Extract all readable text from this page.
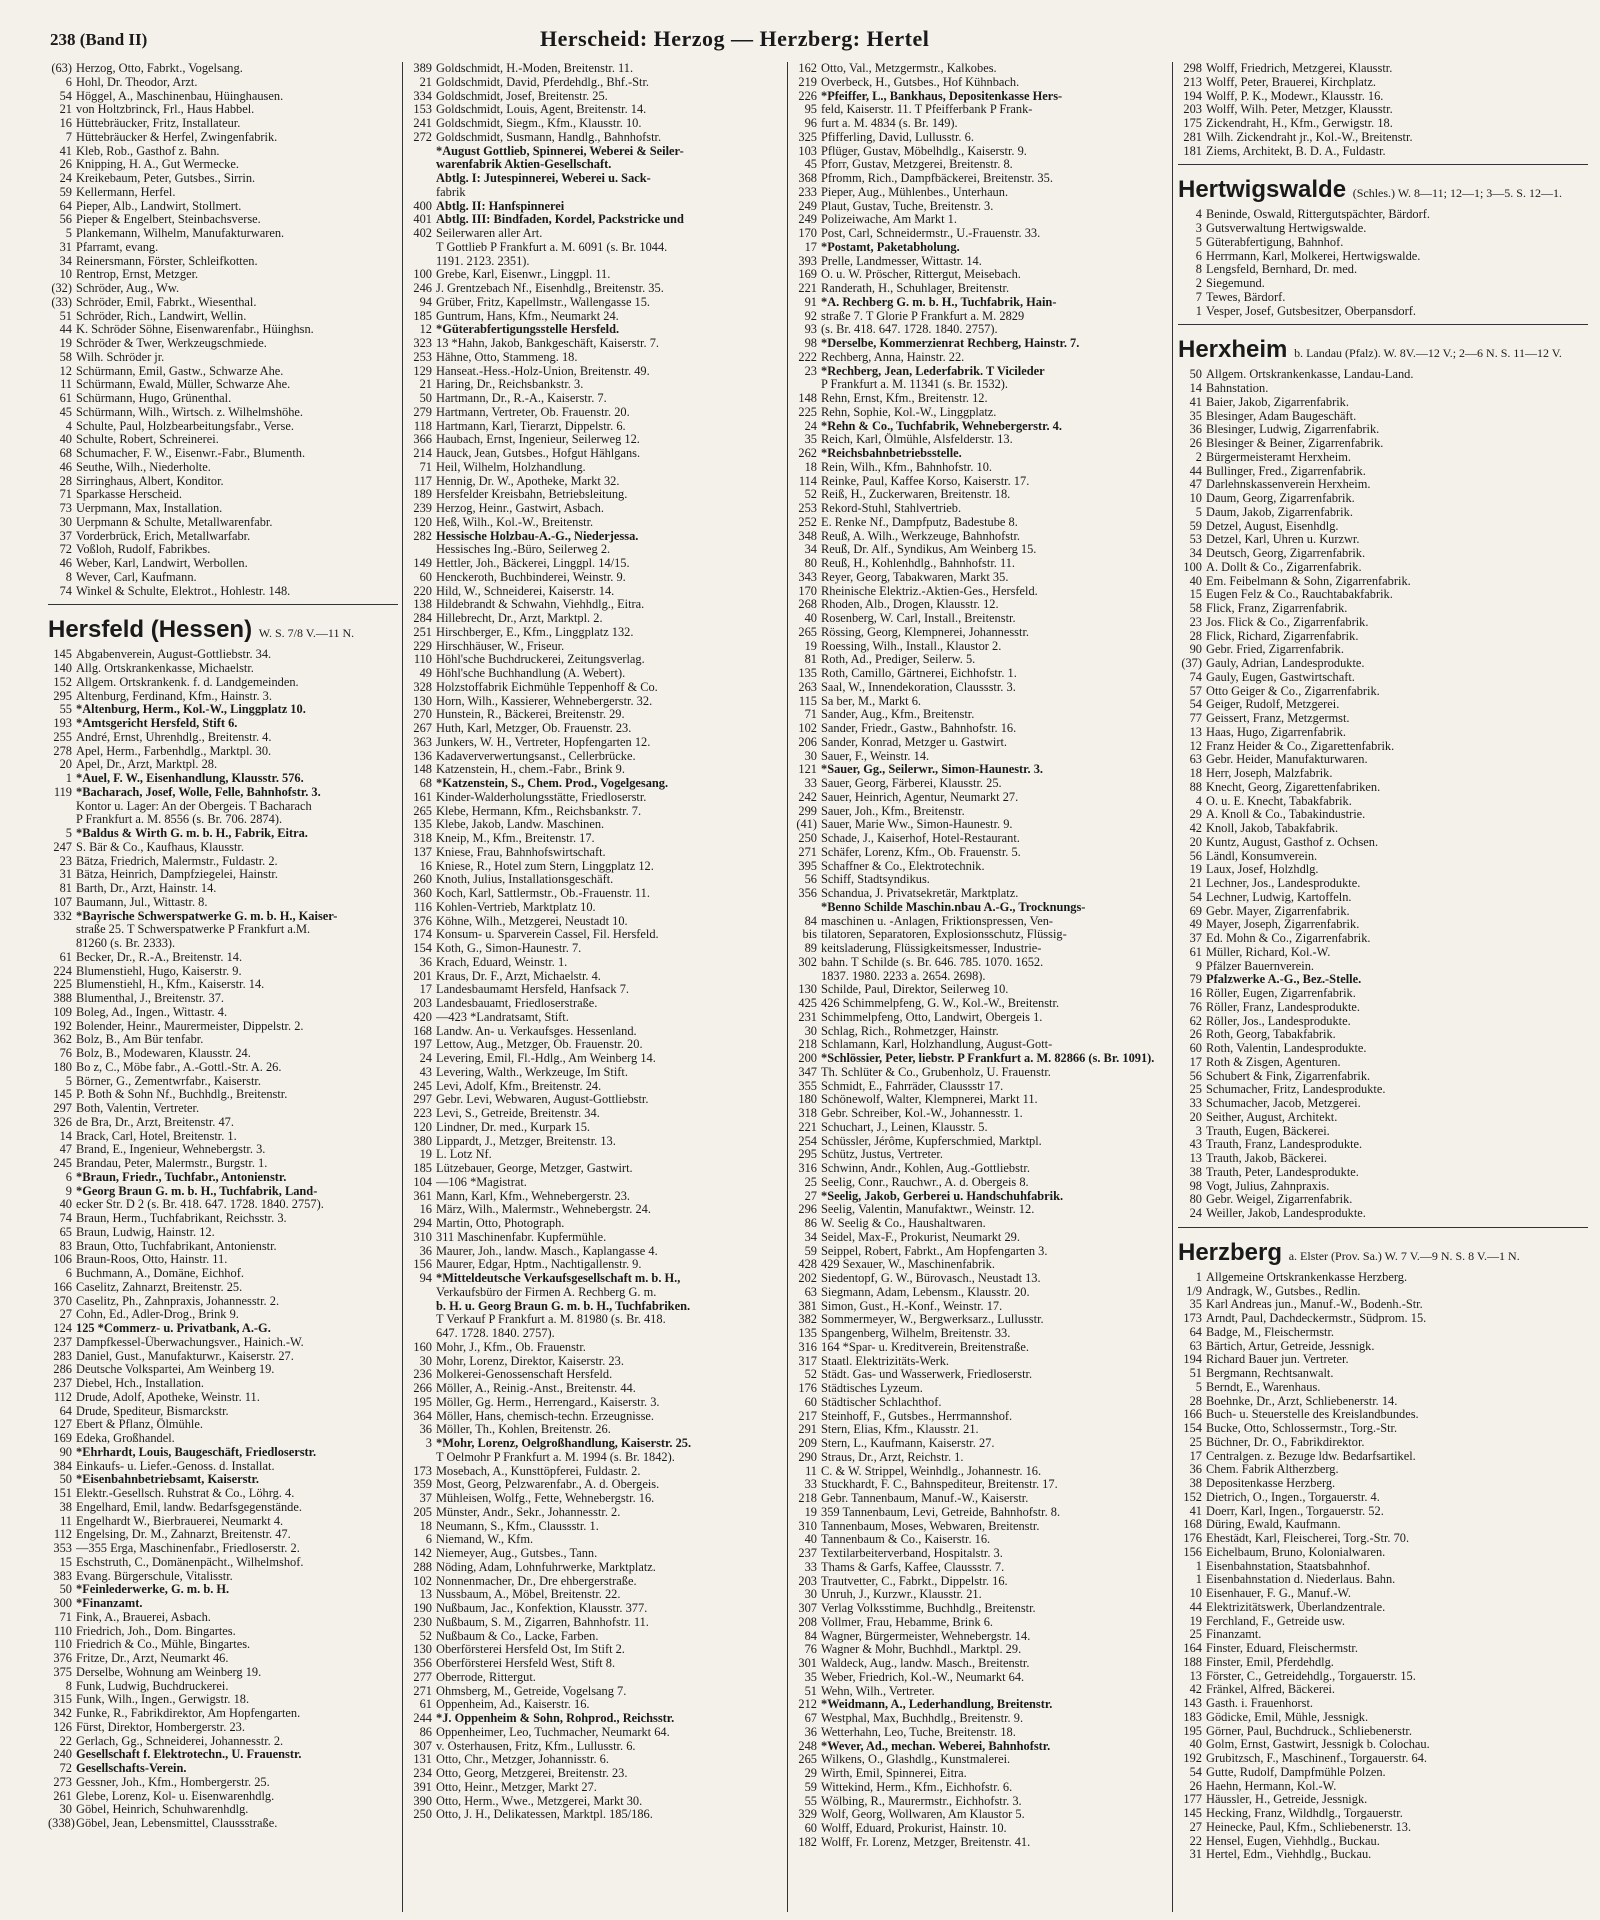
238 (Band II)	Herscheid: Herzog — Herzberg: Hertel
(63) Herzog, Otto, Fabrkt., Vogelsang.
6 Hohl, Dr. Theodor, Arzt.
54 Höggel, A., Maschinenbau, Hüinghausen.
21 von Holtzbrinck, Frl., Haus Habbel.
16 Hüttebräucker, Fritz, Installateur.
7 Hüttebräucker & Herfel, Zwingenfabrik.
41 Kleb, Rob., Gasthof z. Bahn.
26 Knipping, H. A., Gut Wermecke.
24 Kreikebaum, Peter, Gutsbes., Sirrin.
59 Kellermann, Herfel.
64 Pieper, Alb., Landwirt, Stollmert.
56 Pieper & Engelbert, Steinbachsverse.
5 Plankemann, Wilhelm, Manufakturwaren.
31 Pfarramt, evang.
34 Reinersmann, Förster, Schleifkotten.
10 Rentrop, Ernst, Metzger.
(32) Schröder, Aug., Ww.
(33) Schröder, Emil, Fabrkt., Wiesenthal.
51 Schröder, Rich., Landwirt, Wellin.
44 K. Schröder Söhne, Eisenwarenfabr., Hüinghsn.
19 Schröder & Twer, Werkzeugschmiede.
58 Wilh. Schröder jr.
12 Schürmann, Emil, Gastw., Schwarze Ahe.
11 Schürmann, Ewald, Müller, Schwarze Ahe.
61 Schürmann, Hugo, Grünenthal.
45 Schürmann, Wilh., Wirtsch. z. Wilhelmshöhe.
4 Schulte, Paul, Holzbearbeitungsfabr., Verse.
40 Schulte, Robert, Schreinerei.
68 Schumacher, F. W., Eisenwr.-Fabr., Blumenth.
46 Seuthe, Wilh., Niederholte.
28 Sirringhaus, Albert, Konditor.
71 Sparkasse Herscheid.
73 Uerpmann, Max, Installation.
30 Uerpmann & Schulte, Metallwarenfabr.
37 Vorderbrück, Erich, Metallwarfabr.
72 Voßloh, Rudolf, Fabrikbes.
46 Weber, Karl, Landwirt, Werbollen.
8 Wever, Carl, Kaufmann.
74 Winkel & Schulte, Elektrot., Hohlestr. 148.
Hersfeld (Hessen) W. S. 7/8 V.—11 N.
145 Abgabenverein, August-Gottliebstr. 34.
140 Allg. Ortskrankenkasse, Michaelstr.
152 Allgem. Ortskrankenk. f. d. Landgemeinden.
295 Altenburg, Ferdinand, Kfm., Hainstr. 3.
55 *Altenburg, Herm., Kol.-W., Linggplatz 10.
193 *Amtsgericht Hersfeld, Stift 6.
255 André, Ernst, Uhrenhdlg., Breitenstr. 4.
278 Apel, Herm., Farbenhdlg., Marktpl. 30.
20 Apel, Dr., Arzt, Marktpl. 28.
1 *Auel, F. W., Eisenhandlung, Klausstr. 576.
119 *Bacharach, Josef, Wolle, Felle, Bahnhofstr. 3.
Kontor u. Lager: An der Obergeis. T Bacharach
P Frankfurt a. M. 8556 (s. Br. 706. 2874).
5 *Baldus & Wirth G. m. b. H., Fabrik, Eitra.
247 S. Bär & Co., Kaufhaus, Klausstr.
23 Bätza, Friedrich, Malermstr., Fuldastr. 2.
31 Bätza, Heinrich, Dampfziegelei, Hainstr.
81 Barth, Dr., Arzt, Hainstr. 14.
107 Baumann, Jul., Wittastr. 8.
332 *Bayrische Schwerspatwerke G. m. b. H., Kaiser-
straße 25. T Schwerspatwerke P Frankfurt a.M.
81260 (s. Br. 2333).
61 Becker, Dr., R.-A., Breitenstr. 14.
224 Blumenstiehl, Hugo, Kaiserstr. 9.
225 Blumenstiehl, H., Kfm., Kaiserstr. 14.
388 Blumenthal, J., Breitenstr. 37.
109 Boleg, Ad., Ingen., Wittastr. 4.
192 Bolender, Heinr., Maurermeister, Dippelstr. 2.
362 Bolz, B., Am Bür tenfabr.
76 Bolz, B., Modewaren, Klausstr. 24.
180 Bo z, C., Möbe fabr., A.-Gottl.-Str. A. 26.
5 Börner, G., Zementwrfabr., Kaiserstr.
145 P. Both & Sohn Nf., Buchhdlg., Breitenstr.
297 Both, Valentin, Vertreter.
326 de Bra, Dr., Arzt, Breitenstr. 47.
14 Brack, Carl, Hotel, Breitenstr. 1.
47 Brand, E., Ingenieur, Wehnebergstr. 3.
245 Brandau, Peter, Malermstr., Burgstr. 1.
6 *Braun, Friedr., Tuchfabr., Antonienstr.
9 *Georg Braun G. m. b. H., Tuchfabrik, Land-
40 ecker Str. D 2 (s. Br. 418. 647. 1728. 1840. 2757).
74 Braun, Herm., Tuchfabrikant, Reichsstr. 3.
65 Braun, Ludwig, Hainstr. 12.
83 Braun, Otto, Tuchfabrikant, Antonienstr.
106 Braun-Roos, Otto, Hainstr. 11.
6 Buchmann, A., Domäne, Eichhof.
166 Caselitz, Zahnarzt, Breitenstr. 25.
370 Caselitz, Ph., Zahnpraxis, Johannesstr. 2.
27 Cohn, Ed., Adler-Drog., Brink 9.
124 125 *Commerz- u. Privatbank, A.-G.
237 Dampfkessel-Überwachungsver., Hainich.-W.
283 Daniel, Gust., Manufakturwr., Kaiserstr. 27.
286 Deutsche Volkspartei, Am Weinberg 19.
237 Diebel, Hch., Installation.
112 Drude, Adolf, Apotheke, Weinstr. 11.
64 Drude, Spediteur, Bismarckstr.
127 Ebert & Pflanz, Ölmühle.
169 Edeka, Großhandel.
90 *Ehrhardt, Louis, Baugeschäft, Friedloserstr.
384 Einkaufs- u. Liefer.-Genoss. d. Installat.
50 *Eisenbahnbetriebsamt, Kaiserstr.
151 Elektr.-Gesellsch. Ruhstrat & Co., Löhrg. 4.
38 Engelhard, Emil, landw. Bedarfsgegenstände.
11 Engelhardt W., Bierbrauerei, Neumarkt 4.
112 Engelsing, Dr. M., Zahnarzt, Breitenstr. 47.
353 —355 Erga, Maschinenfabr., Friedloserstr. 2.
15 Eschstruth, C., Domänenpächt., Wilhelmshof.
383 Evang. Bürgerschule, Vitalisstr.
50 *Feinlederwerke, G. m. b. H.
300 *Finanzamt.
71 Fink, A., Brauerei, Asbach.
110 Friedrich, Joh., Dom. Bingartes.
110 Friedrich & Co., Mühle, Bingartes.
376 Fritze, Dr., Arzt, Neumarkt 46.
375 Derselbe, Wohnung am Weinberg 19.
8 Funk, Ludwig, Buchdruckerei.
315 Funk, Wilh., Ingen., Gerwigstr. 18.
342 Funke, R., Fabrikdirektor, Am Hopfengarten.
126 Fürst, Direktor, Hombergerstr. 23.
22 Gerlach, Gg., Schneiderei, Johannesstr. 2.
240 Gesellschaft f. Elektrotechn., U. Frauenstr.
72 Gesellschafts-Verein.
273 Gessner, Joh., Kfm., Hombergerstr. 25.
261 Glebe, Lorenz, Kol- u. Eisenwarenhdlg.
30 Göbel, Heinrich, Schuhwarenhdlg.
(338)Göbel, Jean, Lebensmittel, Claussstraße.
389 Goldschmidt, H.-Moden, Breitenstr. 11.
21 Goldschmidt, David, Pferdehdlg., Bhf.-Str.
334 Goldschmidt, Josef, Breitenstr. 25.
153 Goldschmidt, Louis, Agent, Breitenstr. 14.
241 Goldschmidt, Siegm., Kfm., Klausstr. 10.
272 Goldschmidt, Susmann, Handlg., Bahnhofstr.
*August Gottlieb, Spinnerei, Weberei & Seiler-
warenfabrik Aktien-Gesellschaft.
Abtlg. I: Jutespinnerei, Weberei u. Sack-
fabrik
400 Abtlg. II: Hanfspinnerei
401 Abtlg. III: Bindfaden, Kordel, Packstricke und
402 Seilerwaren aller Art.
T Gottlieb P Frankfurt a. M. 6091 (s. Br. 1044.
1191. 2123. 2351).
100 Grebe, Karl, Eisenwr., Linggpl. 11.
246 J. Grentzebach Nf., Eisenhdlg., Breitenstr. 35.
94 Grüber, Fritz, Kapellmstr., Wallengasse 15.
185 Guntrum, Hans, Kfm., Neumarkt 24.
12 *Güterabfertigungsstelle Hersfeld.
323 13 *Hahn, Jakob, Bankgeschäft, Kaiserstr. 7.
253 Hähne, Otto, Stammeng. 18.
129 Hanseat.-Hess.-Holz-Union, Breitenstr. 49.
21 Haring, Dr., Reichsbankstr. 3.
50 Hartmann, Dr., R.-A., Kaiserstr. 7.
279 Hartmann, Vertreter, Ob. Frauenstr. 20.
118 Hartmann, Karl, Tierarzt, Dippelstr. 6.
366 Haubach, Ernst, Ingenieur, Seilerweg 12.
214 Hauck, Jean, Gutsbes., Hofgut Hählgans.
71 Heil, Wilhelm, Holzhandlung.
117 Hennig, Dr. W., Apotheke, Markt 32.
189 Hersfelder Kreisbahn, Betriebsleitung.
239 Herzog, Heinr., Gastwirt, Asbach.
120 Heß, Wilh., Kol.-W., Breitenstr.
282 Hessische Holzbau-A.-G., Niederjessa.
Hessisches Ing.-Büro, Seilerweg 2.
149 Hettler, Joh., Bäckerei, Linggpl. 14/15.
60 Henckeroth, Buchbinderei, Weinstr. 9.
220 Hild, W., Schneiderei, Kaiserstr. 14.
138 Hildebrandt & Schwahn, Viehhdlg., Eitra.
284 Hillebrecht, Dr., Arzt, Marktpl. 2.
251 Hirschberger, E., Kfm., Linggplatz 132.
229 Hirschhäuser, W., Friseur.
110 Höhl'sche Buchdruckerei, Zeitungsverlag.
49 Höhl'sche Buchhandlung (A. Webert).
328 Holzstoffabrik Eichmühle Teppenhoff & Co.
130 Horn, Wilh., Kassierer, Wehnebergerstr. 32.
270 Hunstein, R., Bäckerei, Breitenstr. 29.
267 Huth, Karl, Metzger, Ob. Frauenstr. 23.
363 Junkers, W. H., Vertreter, Hopfengarten 12.
136 Kadaververwertungsanst., Cellerbrücke.
148 Katzenstein, H., chem.-Fabr., Brink 9.
68 *Katzenstein, S., Chem. Prod., Vogelgesang.
161 Kinder-Walderholungsstätte, Friedloserstr.
265 Klebe, Hermann, Kfm., Reichsbankstr. 7.
135 Klebe, Jakob, Landw. Maschinen.
318 Kneip, M., Kfm., Breitenstr. 17.
137 Kniese, Frau, Bahnhofswirtschaft.
16 Kniese, R., Hotel zum Stern, Linggplatz 12.
260 Knoth, Julius, Installationsgeschäft.
360 Koch, Karl, Sattlermstr., Ob.-Frauenstr. 11.
116 Kohlen-Vertrieb, Marktplatz 10.
376 Köhne, Wilh., Metzgerei, Neustadt 10.
174 Konsum- u. Sparverein Cassel, Fil. Hersfeld.
154 Koth, G., Simon-Haunestr. 7.
36 Krach, Eduard, Weinstr. 1.
201 Kraus, Dr. F., Arzt, Michaelstr. 4.
17 Landesbaumamt Hersfeld, Hanfsack 7.
203 Landesbauamt, Friedloserstraße.
420 —423 *Landratsamt, Stift.
168 Landw. An- u. Verkaufsges. Hessenland.
197 Lettow, Aug., Metzger, Ob. Frauenstr. 20.
24 Levering, Emil, Fl.-Hdlg., Am Weinberg 14.
43 Levering, Walth., Werkzeuge, Im Stift.
245 Levi, Adolf, Kfm., Breitenstr. 24.
297 Gebr. Levi, Webwaren, August-Gottliebstr.
223 Levi, S., Getreide, Breitenstr. 34.
120 Lindner, Dr. med., Kurpark 15.
380 Lippardt, J., Metzger, Breitenstr. 13.
19 L. Lotz Nf.
185 Lützebauer, George, Metzger, Gastwirt.
104 —106 *Magistrat.
361 Mann, Karl, Kfm., Wehnebergerstr. 23.
16 März, Wilh., Malermstr., Wehnebergstr. 24.
294 Martin, Otto, Photograph.
310 311 Maschinenfabr. Kupfermühle.
36 Maurer, Joh., landw. Masch., Kaplangasse 4.
156 Maurer, Edgar, Hptm., Nachtigallenstr. 9.
94 *Mitteldeutsche Verkaufsgesellschaft m. b. H.,
Verkaufsbüro der Firmen A. Rechberg G. m.
b. H. u. Georg Braun G. m. b. H., Tuchfabriken.
T Verkauf P Frankfurt a. M. 81980 (s. Br. 418.
647. 1728. 1840. 2757).
160 Mohr, J., Kfm., Ob. Frauenstr.
30 Mohr, Lorenz, Direktor, Kaiserstr. 23.
236 Molkerei-Genossenschaft Hersfeld.
266 Möller, A., Reinig.-Anst., Breitenstr. 44.
195 Möller, Gg. Herm., Herrengard., Kaiserstr. 3.
364 Möller, Hans, chemisch-techn. Erzeugnisse.
36 Möller, Th., Kohlen, Breitenstr. 26.
3 *Mohr, Lorenz, Oelgroßhandlung, Kaiserstr. 25.
T Oelmohr P Frankfurt a. M. 1994 (s. Br. 1842).
173 Mosebach, A., Kunsttöpferei, Fuldastr. 2.
359 Most, Georg, Pelzwarenfabr., A. d. Obergeis.
37 Mühleisen, Wolfg., Fette, Wehnebergstr. 16.
205 Münster, Andr., Sekr., Johannesstr. 2.
18 Neumann, S., Kfm., Claussstr. 1.
6 Niemand, W., Kfm.
142 Niemeyer, Aug., Gutsbes., Tann.
288 Nöding, Adam, Lohnfuhrwerke, Marktplatz.
102 Nonnenmacher, Dr., Dre ehbergerstraße.
13 Nussbaum, A., Möbel, Breitenstr. 22.
190 Nußbaum, Jac., Konfektion, Klausstr. 377.
230 Nußbaum, S. M., Zigarren, Bahnhofstr. 11.
52 Nußbaum & Co., Lacke, Farben.
130 Oberförsterei Hersfeld Ost, Im Stift 2.
356 Oberförsterei Hersfeld West, Stift 8.
277 Oberrode, Rittergut.
271 Ohmsberg, M., Getreide, Vogelsang 7.
61 Oppenheim, Ad., Kaiserstr. 16.
244 *J. Oppenheim & Sohn, Rohprod., Reichsstr.
86 Oppenheimer, Leo, Tuchmacher, Neumarkt 64.
307 v. Osterhausen, Fritz, Kfm., Lullusstr. 6.
131 Otto, Chr., Metzger, Johannisstr. 6.
234 Otto, Georg, Metzgerei, Breitenstr. 23.
391 Otto, Heinr., Metzger, Markt 27.
390 Otto, Herm., Wwe., Metzgerei, Markt 30.
250 Otto, J. H., Delikatessen, Marktpl. 185/186.
162 Otto, Val., Metzgermstr., Kalkobes.
219 Overbeck, H., Gutsbes., Hof Kühnbach.
226 *Pfeiffer, L., Bankhaus, Depositenkasse Hers-
95 feld, Kaiserstr. 11. T Pfeifferbank P Frank-
96 furt a. M. 4834 (s. Br. 149).
325 Pfifferling, David, Lullusstr. 6.
103 Pflüger, Gustav, Möbelhdlg., Kaiserstr. 9.
45 Pforr, Gustav, Metzgerei, Breitenstr. 8.
368 Pfromm, Rich., Dampfbäckerei, Breitenstr. 35.
233 Pieper, Aug., Mühlenbes., Unterhaun.
249 Plaut, Gustav, Tuche, Breitenstr. 3.
249 Polizeiwache, Am Markt 1.
170 Post, Carl, Schneidermstr., U.-Frauenstr. 33.
17 *Postamt, Paketabholung.
393 Prelle, Landmesser, Wittastr. 14.
169 O. u. W. Pröscher, Rittergut, Meisebach.
221 Randerath, H., Schuhlager, Breitenstr.
91 *A. Rechberg G. m. b. H., Tuchfabrik, Hain-
92 straße 7. T Glorie P Frankfurt a. M. 2829
93 (s. Br. 418. 647. 1728. 1840. 2757).
98 *Derselbe, Kommerzienrat Rechberg, Hainstr. 7.
222 Rechberg, Anna, Hainstr. 22.
23 *Rechberg, Jean, Lederfabrik. T Vicileder
P Frankfurt a. M. 11341 (s. Br. 1532).
148 Rehn, Ernst, Kfm., Breitenstr. 12.
225 Rehn, Sophie, Kol.-W., Linggplatz.
24 *Rehn & Co., Tuchfabrik, Wehnebergerstr. 4.
35 Reich, Karl, Ölmühle, Alsfelderstr. 13.
262 *Reichsbahnbetriebsstelle.
18 Rein, Wilh., Kfm., Bahnhofstr. 10.
114 Reinke, Paul, Kaffee Korso, Kaiserstr. 17.
52 Reiß, H., Zuckerwaren, Breitenstr. 18.
253 Rekord-Stuhl, Stahlvertrieb.
252 E. Renke Nf., Dampfputz, Badestube 8.
348 Reuß, A. Wilh., Werkzeuge, Bahnhofstr.
34 Reuß, Dr. Alf., Syndikus, Am Weinberg 15.
80 Reuß, H., Kohlenhdlg., Bahnhofstr. 11.
343 Reyer, Georg, Tabakwaren, Markt 35.
170 Rheinische Elektriz.-Aktien-Ges., Hersfeld.
268 Rhoden, Alb., Drogen, Klausstr. 12.
40 Rosenberg, W. Carl, Install., Breitenstr.
265 Rössing, Georg, Klempnerei, Johannesstr.
19 Roessing, Wilh., Install., Klaustor 2.
81 Roth, Ad., Prediger, Seilerw. 5.
135 Roth, Camillo, Gärtnerei, Eichhofstr. 1.
263 Saal, W., Innendekoration, Claussstr. 3.
115 Sa ber, M., Markt 6.
71 Sander, Aug., Kfm., Breitenstr.
102 Sander, Friedr., Gastw., Bahnhofstr. 16.
206 Sander, Konrad, Metzger u. Gastwirt.
30 Sauer, F., Weinstr. 14.
121 *Sauer, Gg., Seilerwr., Simon-Haunestr. 3.
33 Sauer, Georg, Färberei, Klausstr. 25.
242 Sauer, Heinrich, Agentur, Neumarkt 27.
299 Sauer, Joh., Kfm., Breitenstr.
(41) Sauer, Marie Ww., Simon-Haunestr. 9.
250 Schade, J., Kaiserhof, Hotel-Restaurant.
271 Schäfer, Lorenz, Kfm., Ob. Frauenstr. 5.
395 Schaffner & Co., Elektrotechnik.
56 Schiff, Stadtsyndikus.
356 Schandua, J. Privatsekretär, Marktplatz.
*Benno Schilde Maschin.nbau A.-G., Trocknungs-
84 maschinen u. -Anlagen, Friktionspressen, Ven-
bis tilatoren, Separatoren, Explosionsschutz, Flüssig-
89 keitsladerung, Flüssigkeitsmesser, Industrie-
302 bahn. T Schilde (s. Br. 646. 785. 1070. 1652.
1837. 1980. 2233 a. 2654. 2698).
130 Schilde, Paul, Direktor, Seilerweg 10.
425 426 Schimmelpfeng, G. W., Kol.-W., Breitenstr.
231 Schimmelpfeng, Otto, Landwirt, Obergeis 1.
30 Schlag, Rich., Rohmetzger, Hainstr.
218 Schlamann, Karl, Holzhandlung, August-Gott-
200 *Schlössier, Peter, liebstr. P Frankfurt a. M. 82866 (s. Br. 1091).
347 Th. Schlüter & Co., Grubenholz, U. Frauenstr.
355 Schmidt, E., Fahrräder, Claussstr 17.
180 Schönewolf, Walter, Klempnerei, Markt 11.
318 Gebr. Schreiber, Kol.-W., Johannesstr. 1.
221 Schuchart, J., Leinen, Klausstr. 5.
254 Schüssler, Jérôme, Kupferschmied, Marktpl.
295 Schütz, Justus, Vertreter.
316 Schwinn, Andr., Kohlen, Aug.-Gottliebstr.
25 Seelig, Conr., Rauchwr., A. d. Obergeis 8.
27 *Seelig, Jakob, Gerberei u. Handschuhfabrik.
296 Seelig, Valentin, Manufaktwr., Weinstr. 12.
86 W. Seelig & Co., Haushaltwaren.
34 Seidel, Max-F., Prokurist, Neumarkt 29.
59 Seippel, Robert, Fabrkt., Am Hopfengarten 3.
428 429 Sexauer, W., Maschinenfabrik.
202 Siedentopf, G. W., Bürovasch., Neustadt 13.
63 Siegmann, Adam, Lebensm., Klausstr. 20.
381 Simon, Gust., H.-Konf., Weinstr. 17.
382 Sommermeyer, W., Bergwerksarz., Lullusstr.
135 Spangenberg, Wilhelm, Breitenstr. 33.
316 164 *Spar- u. Kreditverein, Breitenstraße.
317 Staatl. Elektrizitäts-Werk.
52 Städt. Gas- und Wasserwerk, Friedloserstr.
176 Städtisches Lyzeum.
60 Städtischer Schlachthof.
217 Steinhoff, F., Gutsbes., Herrmannshof.
291 Stern, Elias, Kfm., Klausstr. 21.
209 Stern, L., Kaufmann, Kaiserstr. 27.
290 Straus, Dr., Arzt, Reichstr. 1.
11 C. & W. Strippel, Weinhdlg., Johannestr. 16.
33 Stuckhardt, F. C., Bahnspediteur, Breitenstr. 17.
218 Gebr. Tannenbaum, Manuf.-W., Kaiserstr.
19 359 Tannenbaum, Levi, Getreide, Bahnhofstr. 8.
310 Tannenbaum, Moses, Webwaren, Breitenstr.
40 Tannenbaum & Co., Kaiserstr. 16.
237 Textilarbeiterverband, Hospitalstr. 3.
33 Thams & Garfs, Kaffee, Claussstr. 7.
203 Trautvetter, C., Fabrkt., Dippelstr. 16.
30 Unruh, J., Kurzwr., Klausstr. 21.
307 Verlag Volksstimme, Buchhdlg., Breitenstr.
208 Vollmer, Frau, Hebamme, Brink 6.
84 Wagner, Bürgermeister, Wehnebergstr. 14.
76 Wagner & Mohr, Buchhdl., Marktpl. 29.
301 Waldeck, Aug., landw. Masch., Breitenstr.
35 Weber, Friedrich, Kol.-W., Neumarkt 64.
51 Wehn, Wilh., Vertreter.
212 *Weidmann, A., Lederhandlung, Breitenstr.
67 Westphal, Max, Buchhdlg., Breitenstr. 9.
36 Wetterhahn, Leo, Tuche, Breitenstr. 18.
248 *Wever, Ad., mechan. Weberei, Bahnhofstr.
265 Wilkens, O., Glashdlg., Kunstmalerei.
29 Wirth, Emil, Spinnerei, Eitra.
59 Wittekind, Herm., Kfm., Eichhofstr. 6.
55 Wölbing, R., Maurermstr., Eichhofstr. 3.
329 Wolf, Georg, Wollwaren, Am Klaustor 5.
60 Wolff, Eduard, Prokurist, Hainstr. 10.
182 Wolff, Fr. Lorenz, Metzger, Breitenstr. 41.
298 Wolff, Friedrich, Metzgerei, Klausstr.
213 Wolff, Peter, Brauerei, Kirchplatz.
194 Wolff, P. K., Modewr., Klausstr. 16.
203 Wolff, Wilh. Peter, Metzger, Klausstr.
175 Zickendraht, H., Kfm., Gerwigstr. 18.
281 Wilh. Zickendraht jr., Kol.-W., Breitenstr.
181 Ziems, Architekt, B. D. A., Fuldastr.
Hertwigswalde (Schles.) W. 8—11; 12—1; 3—5. S. 12—1.
4 Beninde, Oswald, Rittergutspächter, Bärdorf.
3 Gutsverwaltung Hertwigswalde.
5 Güterabfertigung, Bahnhof.
6 Herrmann, Karl, Molkerei, Hertwigswalde.
8 Lengsfeld, Bernhard, Dr. med.
2 Siegemund.
7 Tewes, Bärdorf.
1 Vesper, Josef, Gutsbesitzer, Oberpansdorf.
Herxheim b. Landau (Pfalz). W. 8V.—12 V.; 2—6 N. S. 11—12 V.
50 Allgem. Ortskrankenkasse, Landau-Land.
14 Bahnstation.
41 Baier, Jakob, Zigarrenfabrik.
35 Blesinger, Adam Baugeschäft.
36 Blesinger, Ludwig, Zigarrenfabrik.
26 Blesinger & Beiner, Zigarrenfabrik.
2 Bürgermeisteramt Herxheim.
44 Bullinger, Fred., Zigarrenfabrik.
47 Darlehnskassenverein Herxheim.
10 Daum, Georg, Zigarrenfabrik.
5 Daum, Jakob, Zigarrenfabrik.
59 Detzel, August, Eisenhdlg.
53 Detzel, Karl, Uhren u. Kurzwr.
34 Deutsch, Georg, Zigarrenfabrik.
100 A. Dollt & Co., Zigarrenfabrik.
40 Em. Feibelmann & Sohn, Zigarrenfabrik.
15 Eugen Felz & Co., Rauchtabakfabrik.
58 Flick, Franz, Zigarrenfabrik.
23 Jos. Flick & Co., Zigarrenfabrik.
28 Flick, Richard, Zigarrenfabrik.
90 Gebr. Fried, Zigarrenfabrik.
(37) Gauly, Adrian, Landesprodukte.
74 Gauly, Eugen, Gastwirtschaft.
57 Otto Geiger & Co., Zigarrenfabrik.
54 Geiger, Rudolf, Metzgerei.
77 Geissert, Franz, Metzgermst.
13 Haas, Hugo, Zigarrenfabrik.
12 Franz Heider & Co., Zigarettenfabrik.
63 Gebr. Heider, Manufakturwaren.
18 Herr, Joseph, Malzfabrik.
88 Knecht, Georg, Zigarettenfabriken.
4 O. u. E. Knecht, Tabakfabrik.
29 A. Knoll & Co., Tabakindustrie.
42 Knoll, Jakob, Tabakfabrik.
20 Kuntz, August, Gasthof z. Ochsen.
56 Ländl, Konsumverein.
19 Laux, Josef, Holzhdlg.
21 Lechner, Jos., Landesprodukte.
54 Lechner, Ludwig, Kartoffeln.
69 Gebr. Mayer, Zigarrenfabrik.
49 Mayer, Joseph, Zigarrenfabrik.
37 Ed. Mohn & Co., Zigarrenfabrik.
61 Müller, Richard, Kol.-W.
9 Pfälzer Bauernverein.
79 Pfalzwerke A.-G., Bez.-Stelle.
16 Röller, Eugen, Zigarrenfabrik.
76 Röller, Franz, Landesprodukte.
62 Röller, Jos., Landesprodukte.
26 Roth, Georg, Tabakfabrik.
60 Roth, Valentin, Landesprodukte.
17 Roth & Zisgen, Agenturen.
56 Schubert & Fink, Zigarrenfabrik.
25 Schumacher, Fritz, Landesprodukte.
33 Schumacher, Jacob, Metzgerei.
20 Seither, August, Architekt.
3 Trauth, Eugen, Bäckerei.
43 Trauth, Franz, Landesprodukte.
13 Trauth, Jakob, Bäckerei.
38 Trauth, Peter, Landesprodukte.
98 Vogt, Julius, Zahnpraxis.
80 Gebr. Weigel, Zigarrenfabrik.
24 Weiller, Jakob, Landesprodukte.
Herzberg a. Elster (Prov. Sa.) W. 7 V.—9 N. S. 8 V.—1 N.
1 Allgemeine Ortskrankenkasse Herzberg.
1/9 Andragk, W., Gutsbes., Redlin.
35 Karl Andreas jun., Manuf.-W., Bodenh.-Str.
173 Arndt, Paul, Dachdeckermstr., Südprom. 15.
64 Badge, M., Fleischermstr.
63 Bärtich, Artur, Getreide, Jessnigk.
194 Richard Bauer jun. Vertreter.
51 Bergmann, Rechtsanwalt.
5 Berndt, E., Warenhaus.
28 Boehnke, Dr., Arzt, Schliebenerstr. 14.
166 Buch- u. Steuerstelle des Kreislandbundes.
154 Bucke, Otto, Schlossermstr., Torg.-Str.
25 Büchner, Dr. O., Fabrikdirektor.
17 Centralgen. z. Bezuge ldw. Bedarfsartikel.
36 Chem. Fabrik Altherzberg.
38 Depositenkasse Herzberg.
152 Dietrich, O., Ingen., Torgauerstr. 4.
41 Doerr, Karl, Ingen., Torgauerstr. 52.
168 Düring, Ewald, Kaufmann.
176 Ehestädt, Karl, Fleischerei, Torg.-Str. 70.
156 Eichelbaum, Bruno, Kolonialwaren.
1 Eisenbahnstation, Staatsbahnhof.
1 Eisenbahnstation d. Niederlaus. Bahn.
10 Eisenhauer, F. G., Manuf.-W.
44 Elektrizitätswerk, Überlandzentrale.
19 Ferchland, F., Getreide usw.
25 Finanzamt.
164 Finster, Eduard, Fleischermstr.
188 Finster, Emil, Pferdehdlg.
13 Förster, C., Getreidehdlg., Torgauerstr. 15.
42 Fränkel, Alfred, Bäckerei.
143 Gasth. i. Frauenhorst.
183 Gödicke, Emil, Mühle, Jessnigk.
195 Görner, Paul, Buchdruck., Schliebenerstr.
40 Golm, Ernst, Gastwirt, Jessnigk b. Colochau.
192 Grubitzsch, F., Maschinenf., Torgauerstr. 64.
54 Gutte, Rudolf, Dampfmühle Polzen.
26 Haehn, Hermann, Kol.-W.
177 Häussler, H., Getreide, Jessnigk.
145 Hecking, Franz, Wildhdlg., Torgauerstr.
27 Heinecke, Paul, Kfm., Schliebenerstr. 13.
22 Hensel, Eugen, Viehhdlg., Buckau.
31 Hertel, Edm., Viehhdlg., Buckau.
